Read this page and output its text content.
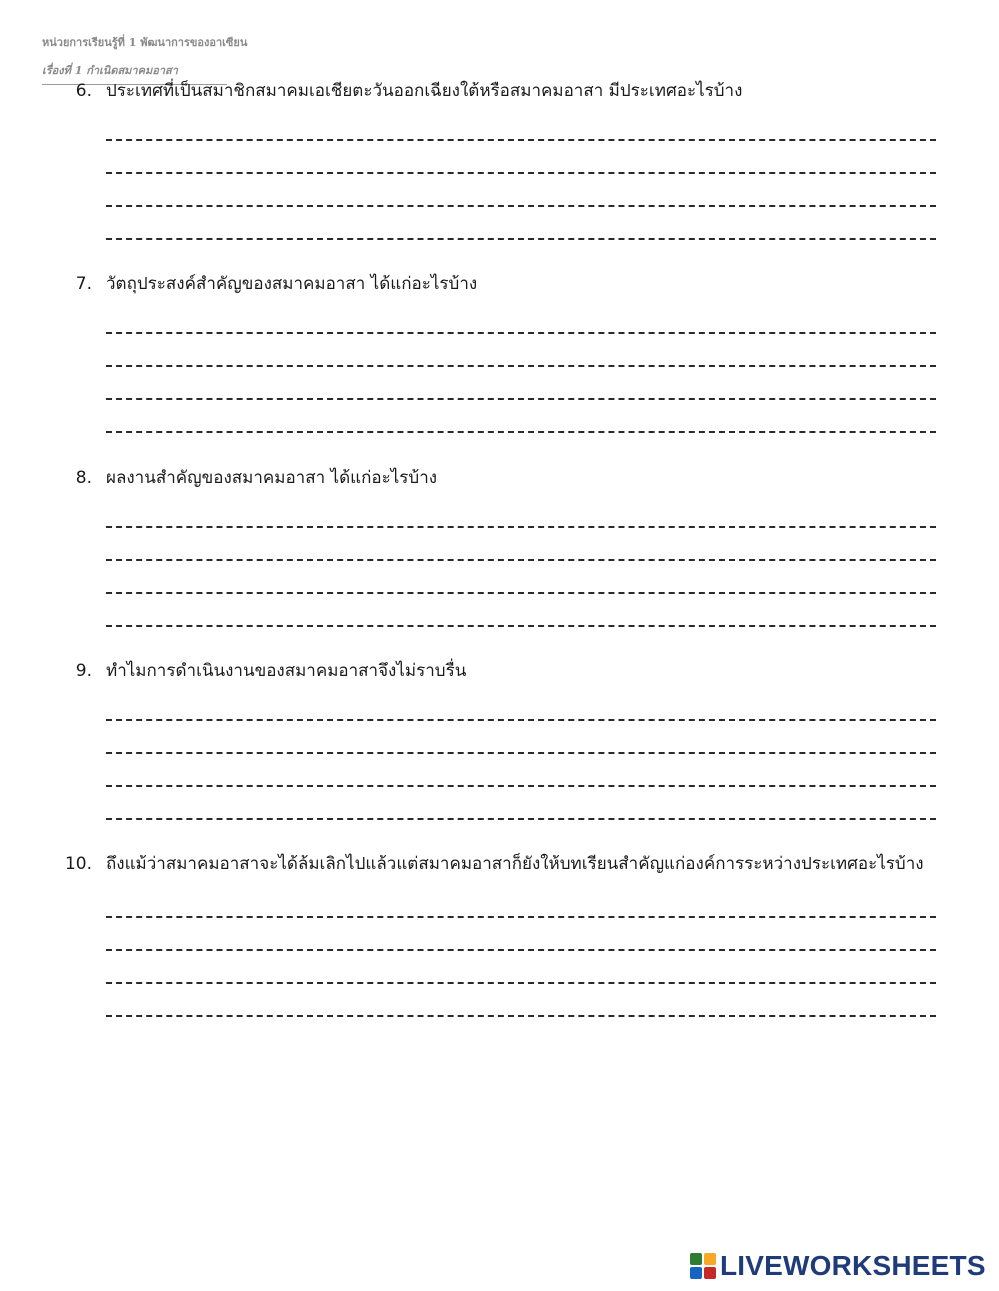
หน่วยการเรียนรู้ที่ 1 พัฒนาการของอาเซียน
เรื่องที่ 1 กำเนิดสมาคมอาสา
6. ประเทศที่เป็นสมาชิกสมาคมเอเชียตะวันออกเฉียงใต้หรือสมาคมอาสา มีประเทศอะไรบ้าง
7. วัตถุประสงค์สำคัญของสมาคมอาสา ได้แก่อะไรบ้าง
8. ผลงานสำคัญของสมาคมอาสา ได้แก่อะไรบ้าง
9. ทำไมการดำเนินงานของสมาคมอาสาจึงไม่ราบรื่น
10. ถึงแม้ว่าสมาคมอาสาจะได้ล้มเลิกไปแล้วแต่สมาคมอาสาก็ยังให้บทเรียนสำคัญแก่องค์การระหว่างประเทศอะไรบ้าง
LIVEWORKSHEETS
